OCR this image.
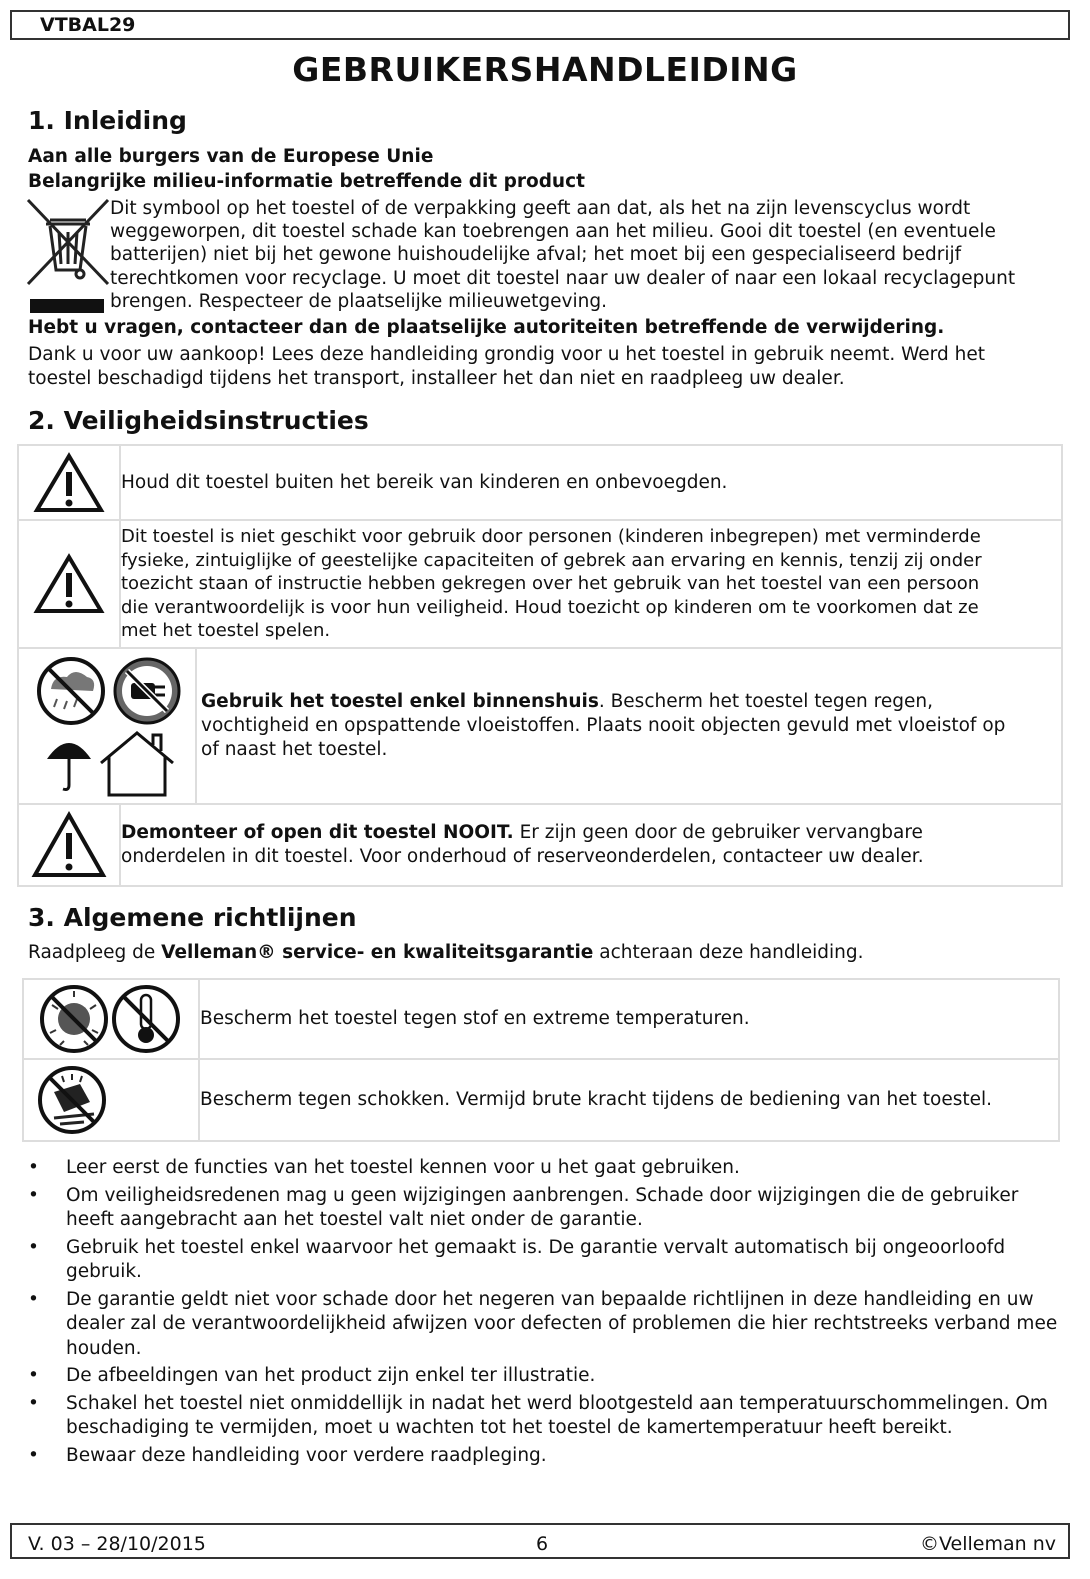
VTBAL29
GEBRUIKERSHANDLEIDING
1. Inleiding
Aan alle burgers van de Europese Unie
Belangrijke milieu-informatie betreffende dit product
Dit symbool op het toestel of de verpakking geeft aan dat, als het na zijn levenscyclus wordt
weggeworpen, dit toestel schade kan toebrengen aan het milieu. Gooi dit toestel (en eventuele
batterijen) niet bij het gewone huishoudelijke afval; het moet bij een gespecialiseerd bedrijf
terechtkomen voor recyclage. U moet dit toestel naar uw dealer of naar een lokaal recyclagepunt
brengen. Respecteer de plaatselijke milieuwetgeving.
Hebt u vragen, contacteer dan de plaatselijke autoriteiten betreffende de verwijdering.
Dank u voor uw aankoop! Lees deze handleiding grondig voor u het toestel in gebruik neemt. Werd het
toestel beschadigd tijdens het transport, installeer het dan niet en raadpleeg uw dealer.
2. Veiligheidsinstructies
	Houd dit toestel buiten het bereik van kinderen en onbevoegden.

Dit toestel is niet geschikt voor gebruik door personen (kinderen inbegrepen) met verminderde
fysieke, zintuiglijke of geestelijke capaciteiten of gebrek aan ervaring en kennis, tenzij zij onder
toezicht staan of instructie hebben gekregen over het gebruik van het toestel van een persoon
die verantwoordelijk is voor hun veiligheid. Houd toezicht op kinderen om te voorkomen dat ze
met het toestel spelen.

Gebruik het toestel enkel binnenshuis. Bescherm het toestel tegen regen,
vochtigheid en opspattende vloeistoffen. Plaats nooit objecten gevuld met vloeistof op
of naast het toestel.

Demonteer of open dit toestel NOOIT. Er zijn geen door de gebruiker vervangbare
onderdelen in dit toestel. Voor onderhoud of reserveonderdelen, contacteer uw dealer.
3. Algemene richtlijnen
Raadpleeg de Velleman® service- en kwaliteitsgarantie achteraan deze handleiding.
	Bescherm het toestel tegen stof en extreme temperaturen.

	Bescherm tegen schokken. Vermijd brute kracht tijdens de bediening van het toestel.
• Leer eerst de functies van het toestel kennen voor u het gaat gebruiken.
• Om veiligheidsredenen mag u geen wijzigingen aanbrengen. Schade door wijzigingen die de gebruiker heeft aangebracht aan het toestel valt niet onder de garantie.
• Gebruik het toestel enkel waarvoor het gemaakt is. De garantie vervalt automatisch bij ongeoorloofd gebruik.
• De garantie geldt niet voor schade door het negeren van bepaalde richtlijnen in deze handleiding en uw dealer zal de verantwoordelijkheid afwijzen voor defecten of problemen die hier rechtstreeks verband mee houden.
• De afbeeldingen van het product zijn enkel ter illustratie.
• Schakel het toestel niet onmiddellijk in nadat het werd blootgesteld aan temperatuurschommelingen. Om beschadiging te vermijden, moet u wachten tot het toestel de kamertemperatuur heeft bereikt.
• Bewaar deze handleiding voor verdere raadpleging.
V. 03 – 28/10/2015	6	©Velleman nv
